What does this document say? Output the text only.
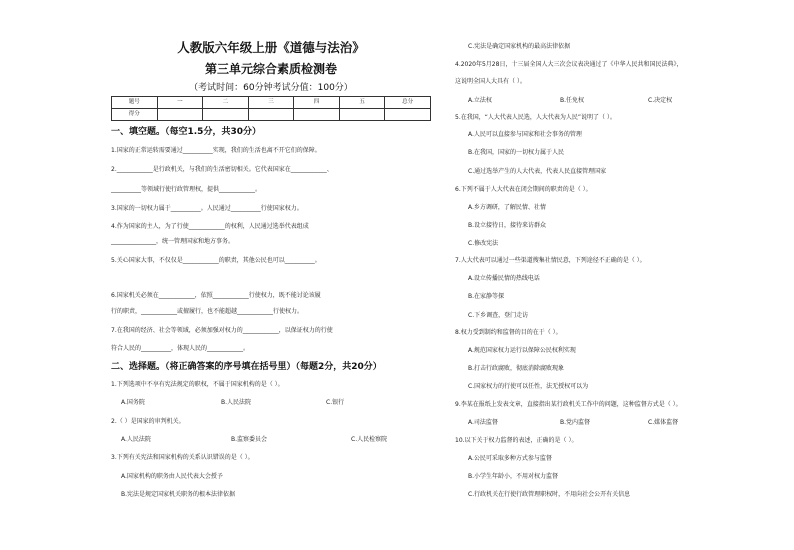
人教版六年级上册《道德与法治》
第三单元综合素质检测卷
（考试时间：60分钟考试分值：100分）
题号	一	二	三	四	五	总分
得分						
一、填空题。（每空1.5分，共30分）
1.国家的正常运转需要通过__________实现，我们的生活也离不开它们的保障。
2.____________是行政机关，与我们的生活密切相关。它代表国家在____________、
__________等领域行使行政管理权，提供____________。
3.国家的一切权力属于__________。人民通过__________行使国家权力。
4.作为国家的主人，为了行使____________的权利，人民通过选举代表组成
_______________，统一管理国家和地方事务。
5.关心国家大事，不仅仅是____________的职责，其他公民也可以__________。
6.国家机关必须在____________，依照____________行使权力，既不能讨论该履
行的职责，____________或擅履行，也不能超越____________行使权力。
7.在我国的经济、社会等领域，必须加强对权力的____________，以保证权力的行使
符合人民的__________，体现人民的____________。
二、选择题。（将正确答案的序号填在括号里）（每题2分，共20分）
1.下列选项中不享有宪法规定的职权，不属于国家机构的是（ ）。
A.国务院	B.人民法院	C.银行
2.（ ）是国家的审判机关。
A.人民法院	B.监察委员会	C.人民检察院
3.下列有关宪法和国家机构的关系认识错误的是（ ）。
A.国家机构的职务由人民代表大会授予
B.宪法是规定国家机关职务的根本法律依据
C.宪法是确定国家机构的最高法律依据
4.2020年5月28日，十三届全国人大三次会议表决通过了《中华人民共和国民法典》，
这说明全国人大具有（ ）。
A.立法权	B.任免权	C.决定权
5.在我国，“人大代表人民选，人大代表为人民”说明了（ ）。
A.人民可以直接参与国家和社会事务的管理
B.在我国，国家的一切权力属于人民
C.通过选举产生的人大代表，代表人民直接管理国家
6.下列不属于人大代表在闭会期间的职责的是（ ）。
A.乡方调研，了解民情、社情
B.设立接待日，接待来访群众
C.修改宪法
7.人大代表可以通过一些渠道搜集社情民意，下列途径不正确的是（ ）。
A.设立传播民情的热线电话
B.在家静等探
C.下乡调查，登门走访
8.权力受到制约和监督的目的在于（ ）。
A.规范国家权力运行以保障公民权利实现
B.打击行政腐败，彻底消除腐败现象
C.国家权力的行使可以任性，法无授权可以为
9.李某在报纸上发表文章，直接指出某行政机关工作中的问题，这种监督方式是（ ）。
A.司法监督	B.党内监督	C.媒体监督
10.以下关于权力监督的表述，正确的是（ ）。
A.公民可采取多种方式参与监督
B.小学生年龄小，不用对权力监督
C.行政机关在行使行政管理职权时，不用向社会公开有关信息
